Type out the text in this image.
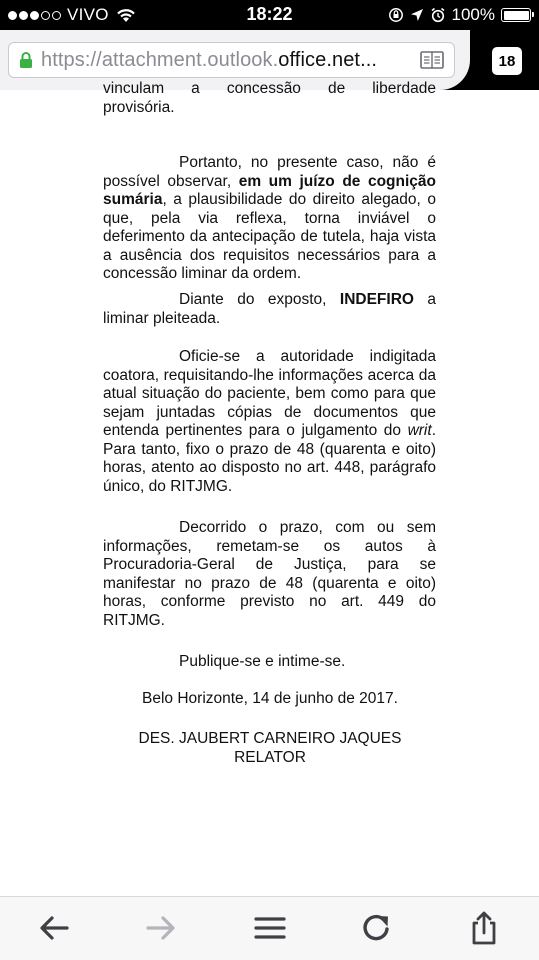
VIVO	18:22	100%
https://attachment.outlook.office.net...	18
vinculam a concessão de liberdade

provisória.

Portanto, no presente caso, não é possível observar, em um juízo de cognição sumária, a plausibilidade do direito alegado, o que, pela via reflexa, torna inviável o deferimento da antecipação de tutela, haja vista a ausência dos requisitos necessários para a concessão liminar da ordem.

Diante do exposto, INDEFIRO a liminar pleiteada.

Oficie-se a autoridade indigitada coatora, requisitando-lhe informações acerca da atual situação do paciente, bem como para que sejam juntadas cópias de documentos que entenda pertinentes para o julgamento do writ. Para tanto, fixo o prazo de 48 (quarenta e oito) horas, atento ao disposto no art. 448, parágrafo único, do RITJMG.

Decorrido o prazo, com ou sem informações, remetam-se os autos à Procuradoria-Geral de Justiça, para se manifestar no prazo de 48 (quarenta e oito) horas, conforme previsto no art. 449 do RITJMG.

Publique-se e intime-se.

Belo Horizonte, 14 de junho de 2017.

DES. JAUBERT CARNEIRO JAQUES

RELATOR
